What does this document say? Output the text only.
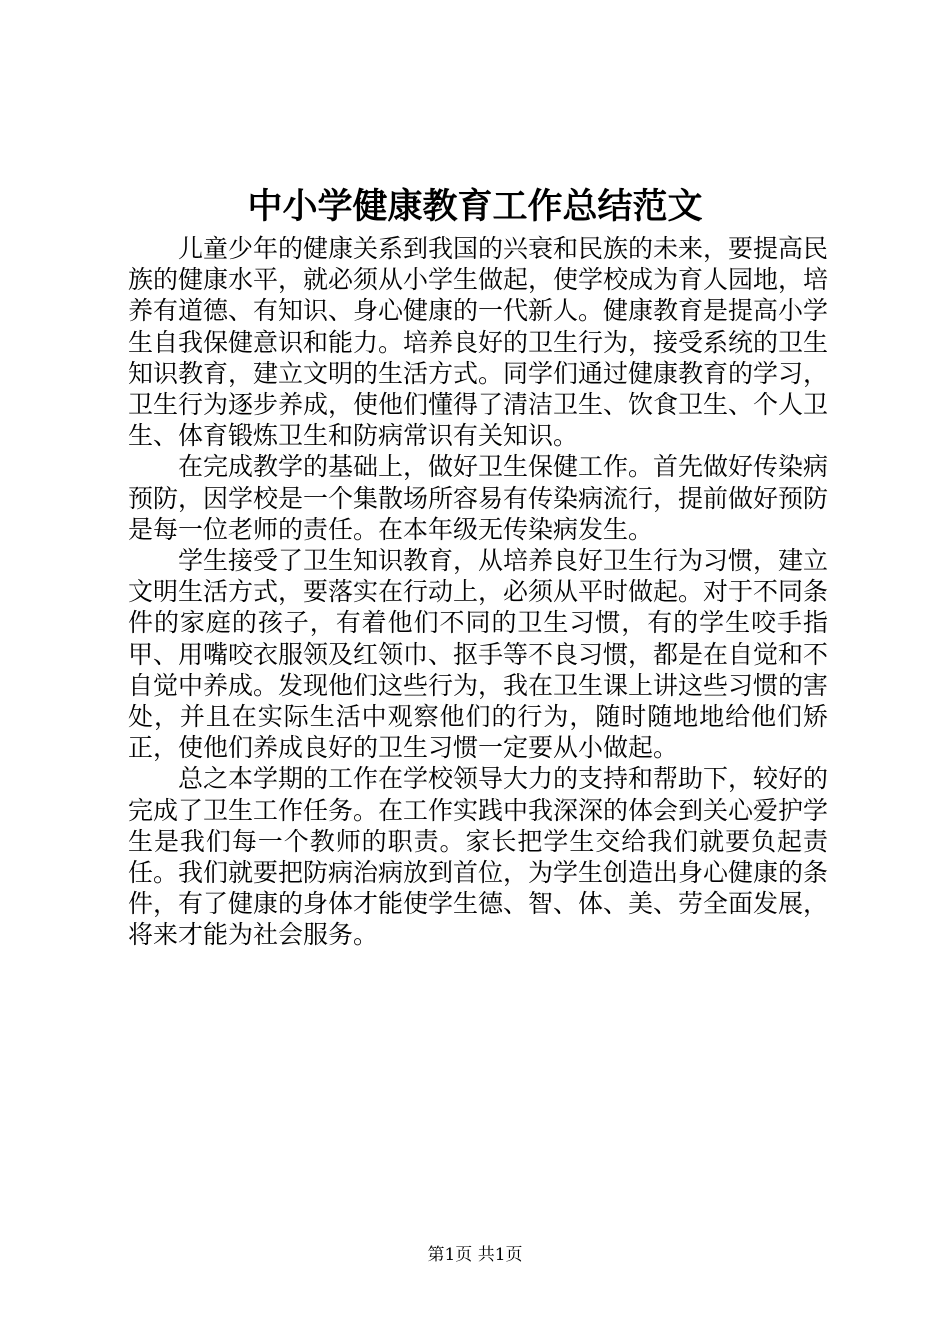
中小学健康教育工作总结范文

儿童少年的健康关系到我国的兴衰和民族的未来，要提高民族的健康水平，就必须从小学生做起，使学校成为育人园地，培养有道德、有知识、身心健康的一代新人。健康教育是提高小学生自我保健意识和能力。培养良好的卫生行为，接受系统的卫生知识教育，建立文明的生活方式。同学们通过健康教育的学习，卫生行为逐步养成，使他们懂得了清洁卫生、饮食卫生、个人卫生、体育锻炼卫生和防病常识有关知识。

在完成教学的基础上，做好卫生保健工作。首先做好传染病预防，因学校是一个集散场所容易有传染病流行，提前做好预防是每一位老师的责任。在本年级无传染病发生。

学生接受了卫生知识教育，从培养良好卫生行为习惯，建立文明生活方式，要落实在行动上，必须从平时做起。对于不同条件的家庭的孩子，有着他们不同的卫生习惯，有的学生咬手指甲、用嘴咬衣服领及红领巾、抠手等不良习惯，都是在自觉和不自觉中养成。发现他们这些行为，我在卫生课上讲这些习惯的害处，并且在实际生活中观察他们的行为，随时随地地给他们矫正，使他们养成良好的卫生习惯一定要从小做起。

总之本学期的工作在学校领导大力的支持和帮助下，较好的完成了卫生工作任务。在工作实践中我深深的体会到关心爱护学生是我们每一个教师的职责。家长把学生交给我们就要负起责任。我们就要把防病治病放到首位，为学生创造出身心健康的条件，有了健康的身体才能使学生德、智、体、美、劳全面发展，将来才能为社会服务。

第1页 共1页
